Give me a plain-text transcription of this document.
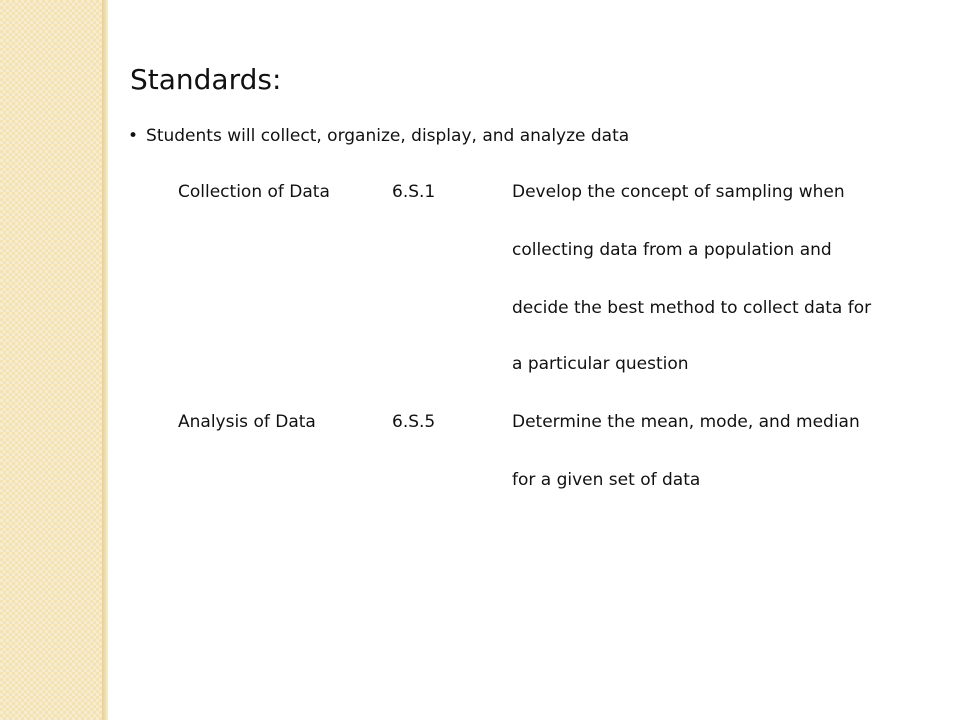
Standards:
• Students will collect, organize, display, and analyze data
Collection of Data	6.S.1	Develop the concept of sampling when
collecting data from a population and
decide the best method to collect data for
a particular question
Analysis of Data	6.S.5	Determine the mean, mode, and median
for a given set of data
